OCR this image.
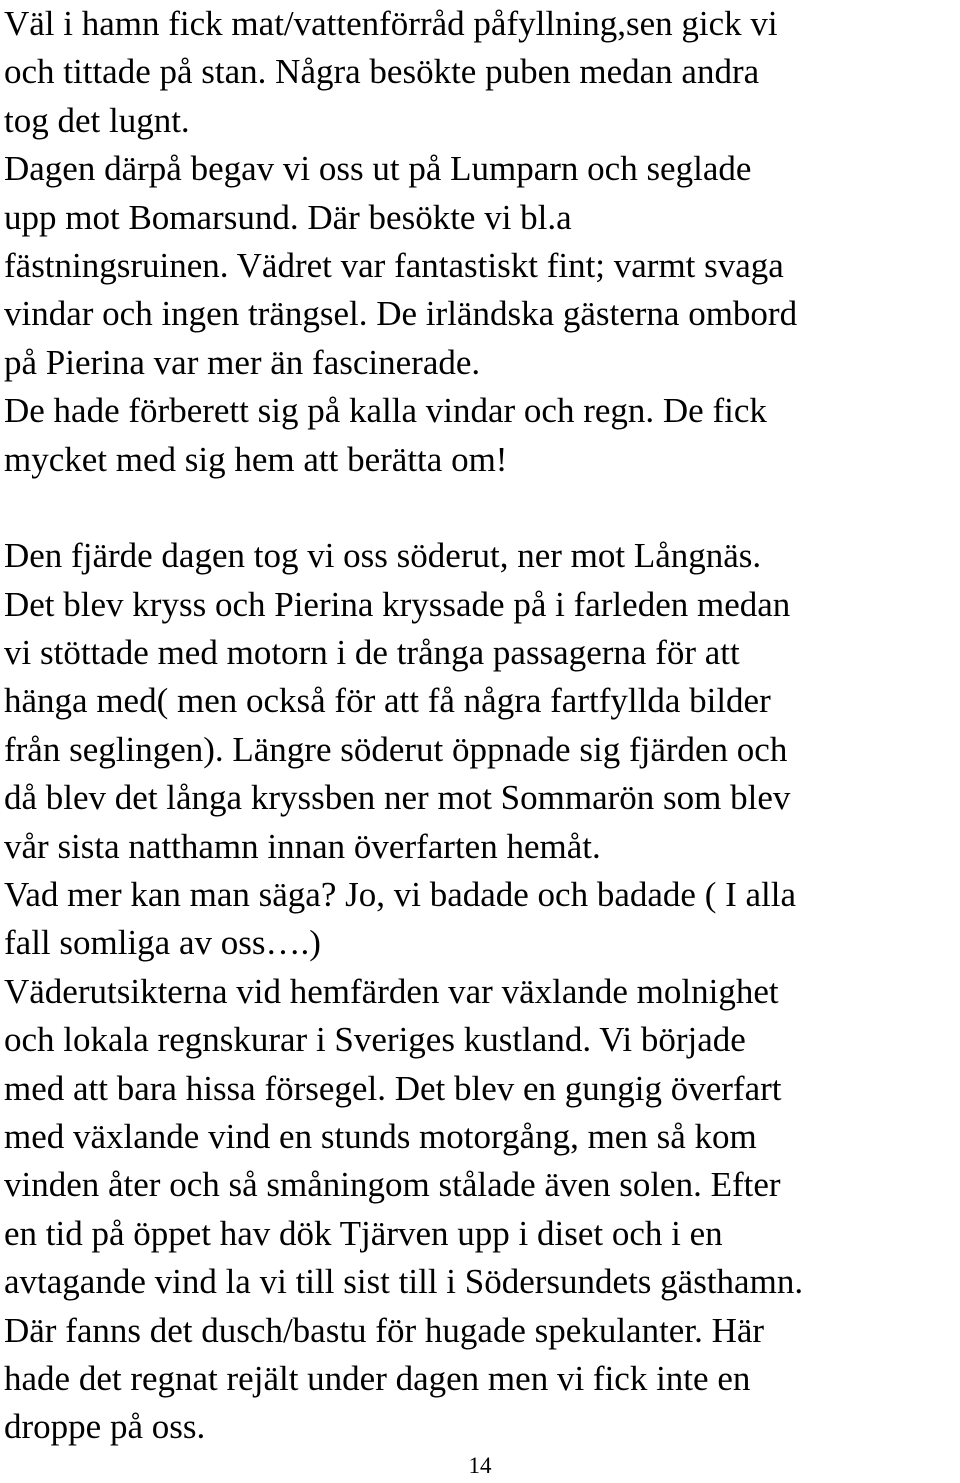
Väl i hamn fick mat/vattenförråd påfyllning,sen gick vi
och tittade på stan. Några besökte puben medan andra
tog det lugnt.
Dagen därpå begav vi oss ut på Lumparn och seglade
upp mot Bomarsund. Där besökte vi bl.a
fästningsruinen. Vädret var fantastiskt fint; varmt svaga
vindar och ingen trängsel. De irländska gästerna ombord
på Pierina var mer än fascinerade.
De hade förberett sig på kalla vindar och regn. De fick
mycket med sig hem att berätta om!
Den fjärde dagen tog vi oss söderut, ner mot Långnäs.
Det blev kryss och Pierina kryssade på i farleden medan
vi stöttade med motorn i de trånga passagerna för att
hänga med( men också för att få några fartfyllda bilder
från seglingen). Längre söderut öppnade sig fjärden och
då blev det långa kryssben ner mot Sommarön som blev
vår sista natthamn innan överfarten hemåt.
Vad mer kan man säga? Jo, vi badade och badade ( I alla
fall somliga av oss….)
Väderutsikterna vid hemfärden var växlande molnighet
och lokala regnskurar i Sveriges kustland. Vi började
med att bara hissa försegel. Det blev en gungig överfart
med växlande vind en stunds motorgång, men så kom
vinden åter och så småningom stålade även solen. Efter
en tid på öppet hav dök Tjärven upp i diset och i en
avtagande vind la vi till sist till i Södersundets gästhamn.
Där fanns det dusch/bastu för hugade spekulanter. Här
hade det regnat rejält under dagen men vi fick inte en
droppe på oss.
14
